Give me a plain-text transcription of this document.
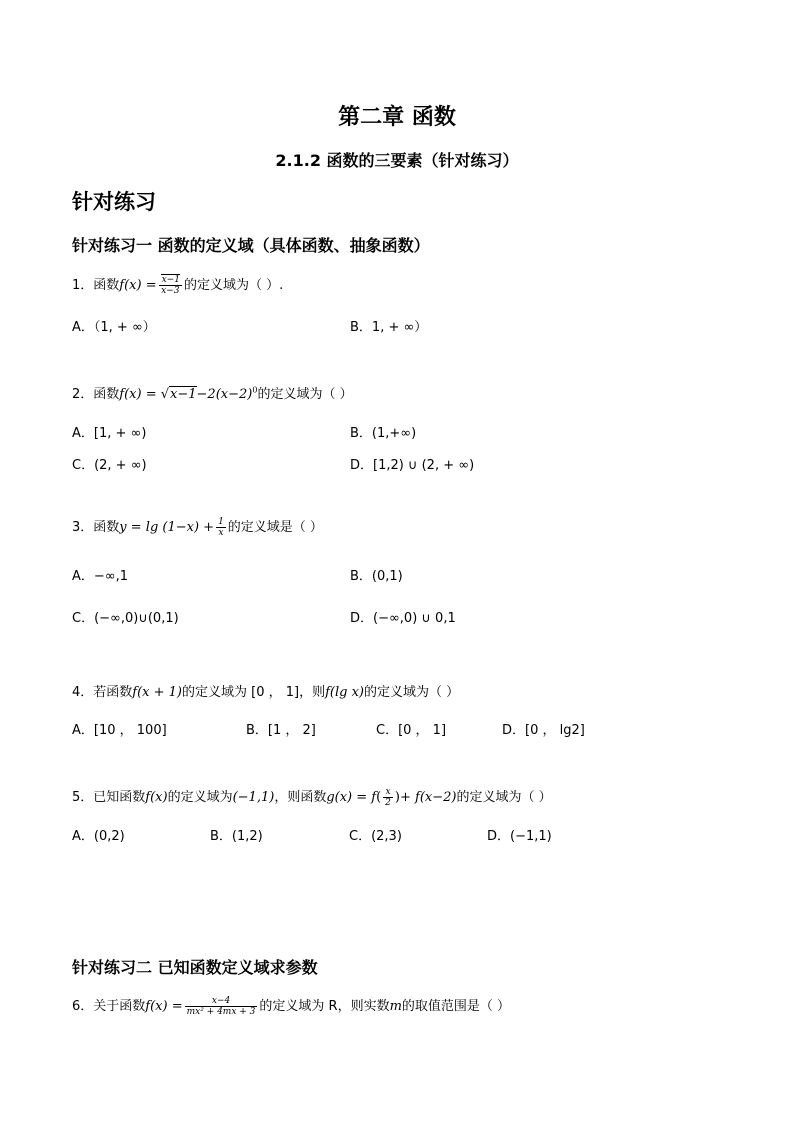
第二章 函数
2.1.2 函数的三要素（针对练习）
针对练习
针对练习一 函数的定义域（具体函数、抽象函数）
1．函数$f(x) = \frac{x-1}{x-3}$ 的定义域为（ ）.
A．（1, + ∞）	B．1, + ∞）
2．函数$f(x) = √x-1-2(x-2)^0$的定义域为（ ）
A．[1, + ∞)	B．(1,+∞)
C．(2, + ∞)	D．[1,2) ∪ (2, + ∞)
3．函数$y = \lg (1-x) + \frac{1}{x}$ 的定义域是（ ）
A．−∞,1	B．(0,1)
C．(−∞,0)∪(0,1)	D．(−∞,0) ∪ 0,1
4．若函数f(x + 1)的定义域为 [0 ， 1]，则f(lg x)的定义域为（ ）
A．[10 ， 100]	B．[1 ， 2]	C．[0 ， 1]	D．[0 ， lg2]
5．已知函数f(x)的定义域为(−1,1)，则函数$g(x) = f( \frac{x}{2}$ )+ f(x−2)的定义域为（ ）
A．(0,2)	B．(1,2)	C．(2,3)	D．(−1,1)
针对练习二 已知函数定义域求参数
6．关于函数$f(x) = \frac{x-4}{\text{mx² + 4mx + 3}}$ 的定义域为 R，则实数m的取值范围是（ ）
